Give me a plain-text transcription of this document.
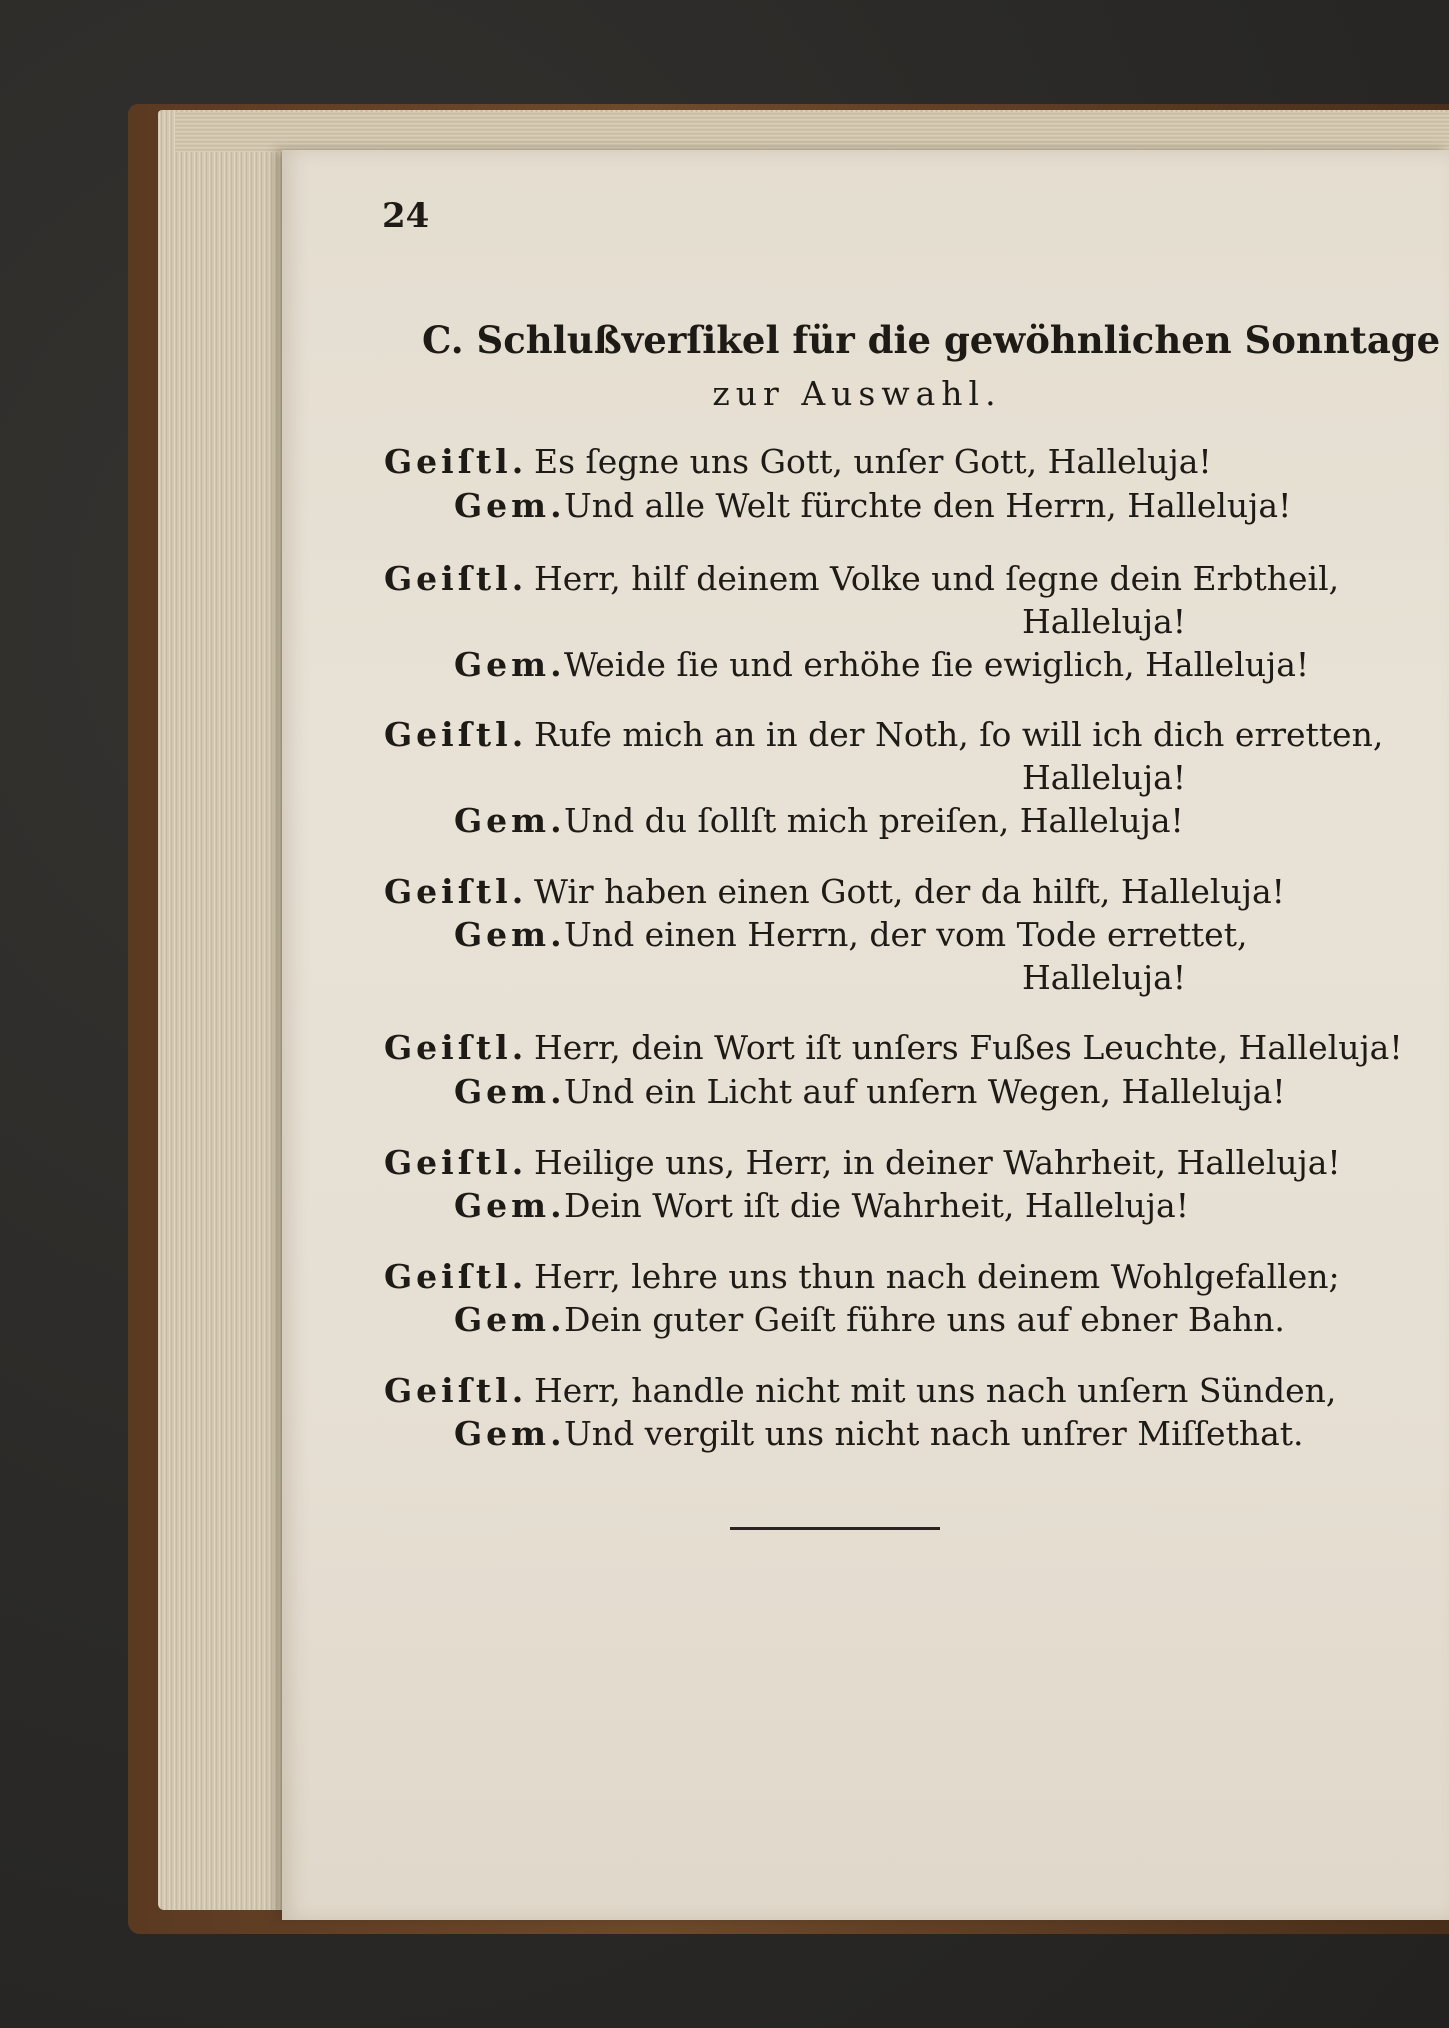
24
C. Schlußverſikel für die gewöhnlichen Sonntage
zur Auswahl.
Geiſtl. Es ſegne uns Gott, unſer Gott, Halleluja!
Gem.Und alle Welt fürchte den Herrn, Halleluja!
Geiſtl. Herr, hilf deinem Volke und ſegne dein Erbtheil,
Halleluja!
Gem.Weide ſie und erhöhe ſie ewiglich, Halleluja!
Geiſtl. Rufe mich an in der Noth, ſo will ich dich erretten,
Halleluja!
Gem.Und du ſollſt mich preiſen, Halleluja!
Geiſtl. Wir haben einen Gott, der da hilft, Halleluja!
Gem.Und einen Herrn, der vom Tode errettet,
Halleluja!
Geiſtl. Herr, dein Wort iſt unſers Fußes Leuchte, Halleluja!
Gem.Und ein Licht auf unſern Wegen, Halleluja!
Geiſtl. Heilige uns, Herr, in deiner Wahrheit, Halleluja!
Gem.Dein Wort iſt die Wahrheit, Halleluja!
Geiſtl. Herr, lehre uns thun nach deinem Wohlgefallen;
Gem.Dein guter Geiſt führe uns auf ebner Bahn.
Geiſtl. Herr, handle nicht mit uns nach unſern Sünden,
Gem.Und vergilt uns nicht nach unſrer Miſſethat.
